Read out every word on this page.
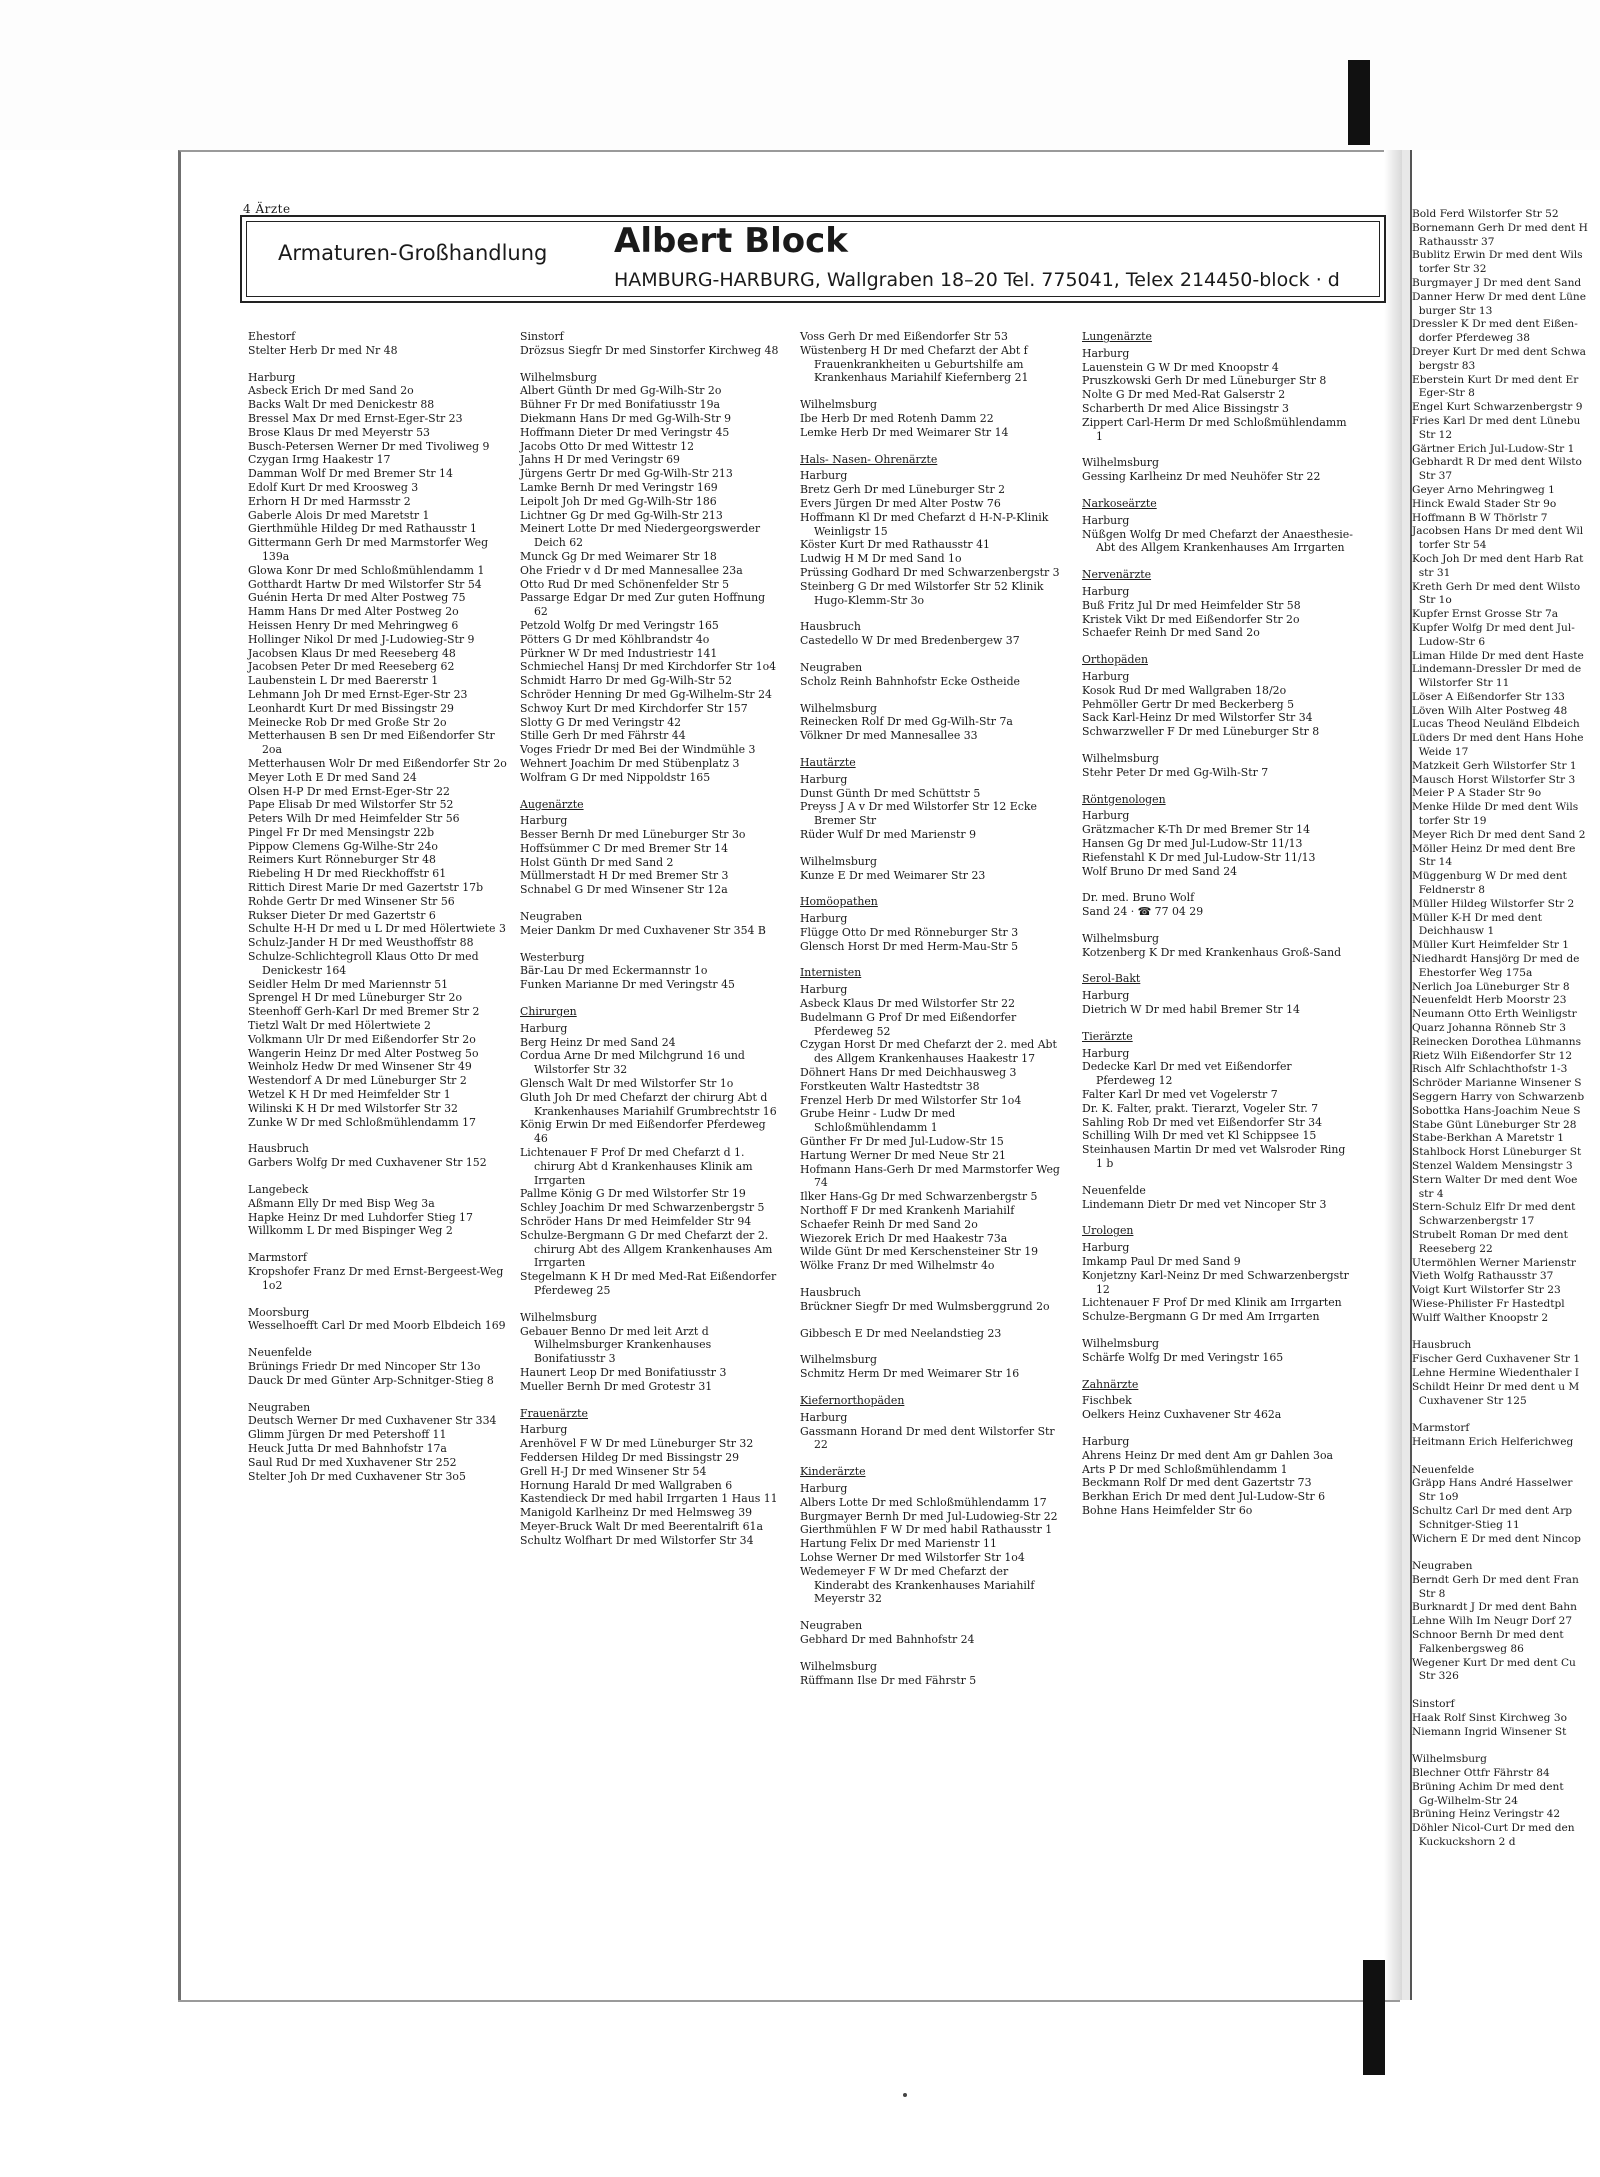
4 Ärzte
Armaturen-Großhandlung Albert Block
HAMBURG-HARBURG, Wallgraben 18–20 Tel. 775041, Telex 214450-block · d
Ehestorf
Stelter Herb Dr med Nr 48
Harburg
Asbeck Erich Dr med Sand 2o
Backs Walt Dr med Denickestr 88
Bressel Max Dr med Ernst-Eger-Str 23
Brose Klaus Dr med Meyerstr 53
Busch-Petersen Werner Dr med Tivoliweg 9
Czygan Irmg Haakestr 17
Damman Wolf Dr med Bremer Str 14
Edolf Kurt Dr med Kroosweg 3
Erhorn H Dr med Harmsstr 2
Gaberle Alois Dr med Maretstr 1
Gierthmühle Hildeg Dr med Rathausstr 1
Gittermann Gerh Dr med Marmstorfer Weg 139a
Glowa Konr Dr med Schloßmühlendamm 1
Gotthardt Hartw Dr med Wilstorfer Str 54
Guénin Herta Dr med Alter Postweg 75
Hamm Hans Dr med Alter Postweg 2o
Heissen Henry Dr med Mehringweg 6
Hollinger Nikol Dr med J-Ludowieg-Str 9
Jacobsen Klaus Dr med Reeseberg 48
Jacobsen Peter Dr med Reeseberg 62
Laubenstein L Dr med Baererstr 1
Lehmann Joh Dr med Ernst-Eger-Str 23
Leonhardt Kurt Dr med Bissingstr 29
Meinecke Rob Dr med Große Str 2o
Metterhausen B sen Dr med Eißendorfer Str 2oa
Metterhausen Wolr Dr med Eißendorfer Str 2o
Meyer Loth E Dr med Sand 24
Olsen H-P Dr med Ernst-Eger-Str 22
Pape Elisab Dr med Wilstorfer Str 52
Peters Wilh Dr med Heimfelder Str 56
Pingel Fr Dr med Mensingstr 22b
Pippow Clemens Gg-Wilhe-Str 24o
Reimers Kurt Rönneburger Str 48
Riebeling H Dr med Rieckhoffstr 61
Rittich Direst Marie Dr med Gazertstr 17b
Rohde Gertr Dr med Winsener Str 56
Rukser Dieter Dr med Gazertstr 6
Schulte H-H Dr med u L Dr med Hölertwiete 3
Schulz-Jander H Dr med Weusthoffstr 88
Schulze-Schlichtegroll Klaus Otto Dr med Denickestr 164
Seidler Helm Dr med Mariennstr 51
Sprengel H Dr med Lüneburger Str 2o
Steenhoff Gerh-Karl Dr med Bremer Str 2
Tietzl Walt Dr med Hölertwiete 2
Volkmann Ulr Dr med Eißendorfer Str 2o
Wangerin Heinz Dr med Alter Postweg 5o
Weinholz Hedw Dr med Winsener Str 49
Westendorf A Dr med Lüneburger Str 2
Wetzel K H Dr med Heimfelder Str 1
Wilinski K H Dr med Wilstorfer Str 32
Zunke W Dr med Schloßmühlendamm 17
Hausbruch
Garbers Wolfg Dr med Cuxhavener Str 152
Langebeck
Aßmann Elly Dr med Bisp Weg 3a
Hapke Heinz Dr med Luhdorfer Stieg 17
Willkomm L Dr med Bispinger Weg 2
Marmstorf
Kropshofer Franz Dr med Ernst-Bergeest-Weg 1o2
Moorsburg
Wesselhoefft Carl Dr med Moorb Elbdeich 169
Neuenfelde
Brünings Friedr Dr med Nincoper Str 13o
Dauck Dr med Günter Arp-Schnitger-Stieg 8
Neugraben
Deutsch Werner Dr med Cuxhavener Str 334
Glimm Jürgen Dr med Petershoff 11
Heuck Jutta Dr med Bahnhofstr 17a
Saul Rud Dr med Xuxhavener Str 252
Stelter Joh Dr med Cuxhavener Str 3o5
Sinstorf
Drözsus Siegfr Dr med Sinstorfer Kirchweg 48
Wilhelmsburg
Albert Günth Dr med Gg-Wilh-Str 2o
Bühner Fr Dr med Bonifatiusstr 19a
Diekmann Hans Dr med Gg-Wilh-Str 9
Hoffmann Dieter Dr med Veringstr 45
Jacobs Otto Dr med Wittestr 12
Jahns H Dr med Veringstr 69
Jürgens Gertr Dr med Gg-Wilh-Str 213
Lamke Bernh Dr med Veringstr 169
Leipolt Joh Dr med Gg-Wilh-Str 186
Lichtner Gg Dr med Gg-Wilh-Str 213
Meinert Lotte Dr med Niedergeorgswerder Deich 62
Munck Gg Dr med Weimarer Str 18
Ohe Friedr v d Dr med Mannesallee 23a
Otto Rud Dr med Schönenfelder Str 5
Passarge Edgar Dr med Zur guten Hoffnung 62
Petzold Wolfg Dr med Veringstr 165
Pötters G Dr med Köhlbrandstr 4o
Pürkner W Dr med Industriestr 141
Schmiechel Hansj Dr med Kirchdorfer Str 1o4
Schmidt Harro Dr med Gg-Wilh-Str 52
Schröder Henning Dr med Gg-Wilhelm-Str 24
Schwoy Kurt Dr med Kirchdorfer Str 157
Slotty G Dr med Veringstr 42
Stille Gerh Dr med Fährstr 44
Voges Friedr Dr med Bei der Windmühle 3
Wehnert Joachim Dr med Stübenplatz 3
Wolfram G Dr med Nippoldstr 165
Augenärzte
Harburg
Besser Bernh Dr med Lüneburger Str 3o
Hoffsümmer C Dr med Bremer Str 14
Holst Günth Dr med Sand 2
Müllmerstadt H Dr med Bremer Str 3
Schnabel G Dr med Winsener Str 12a
Neugraben
Meier Dankm Dr med Cuxhavener Str 354 B
Westerburg
Bär-Lau Dr med Eckermannstr 1o
Funken Marianne Dr med Veringstr 45
Chirurgen
Harburg
Berg Heinz Dr med Sand 24
Cordua Arne Dr med Milchgrund 16 und Wilstorfer Str 32
Glensch Walt Dr med Wilstorfer Str 1o
Gluth Joh Dr med Chefarzt der chirurg Abt d Krankenhauses Mariahilf Grumbrechtstr 16
König Erwin Dr med Eißendorfer Pferdeweg 46
Lichtenauer F Prof Dr med Chefarzt d 1. chirurg Abt d Krankenhauses Klinik am Irrgarten
Pallme König G Dr med Wilstorfer Str 19
Schley Joachim Dr med Schwarzenbergstr 5
Schröder Hans Dr med Heimfelder Str 94
Schulze-Bergmann G Dr med Chefarzt der 2. chirurg Abt des Allgem Krankenhauses Am Irrgarten
Stegelmann K H Dr med Med-Rat Eißendorfer Pferdeweg 25
Wilhelmsburg
Gebauer Benno Dr med leit Arzt d Wilhelmsburger Krankenhauses Bonifatiusstr 3
Haunert Leop Dr med Bonifatiusstr 3
Mueller Bernh Dr med Grotestr 31
Frauenärzte
Harburg
Arenhövel F W Dr med Lüneburger Str 32
Feddersen Hildeg Dr med Bissingstr 29
Grell H-J Dr med Winsener Str 54
Hornung Harald Dr med Wallgraben 6
Kastendieck Dr med habil Irrgarten 1 Haus 11
Manigold Karlheinz Dr med Helmsweg 39
Meyer-Bruck Walt Dr med Beerentalrift 61a
Schultz Wolfhart Dr med Wilstorfer Str 34
Voss Gerh Dr med Eißendorfer Str 53
Wüstenberg H Dr med Chefarzt der Abt f Frauenkrankheiten u Geburtshilfe am Krankenhaus Mariahilf Kiefernberg 21
Wilhelmsburg
Ibe Herb Dr med Rotenh Damm 22
Lemke Herb Dr med Weimarer Str 14
Hals- Nasen- Ohrenärzte
Harburg
Bretz Gerh Dr med Lüneburger Str 2
Evers Jürgen Dr med Alter Postw 76
Hoffmann Kl Dr med Chefarzt d H-N-P-Klinik Weinligstr 15
Köster Kurt Dr med Rathausstr 41
Ludwig H M Dr med Sand 1o
Prüssing Godhard Dr med Schwarzenbergstr 3
Steinberg G Dr med Wilstorfer Str 52 Klinik Hugo-Klemm-Str 3o
Hausbruch
Castedello W Dr med Bredenbergew 37
Neugraben
Scholz Reinh Bahnhofstr Ecke Ostheide
Wilhelmsburg
Reinecken Rolf Dr med Gg-Wilh-Str 7a
Völkner Dr med Mannesallee 33
Hautärzte
Harburg
Dunst Günth Dr med Schüttstr 5
Preyss J A v Dr med Wilstorfer Str 12 Ecke Bremer Str
Rüder Wulf Dr med Marienstr 9
Wilhelmsburg
Kunze E Dr med Weimarer Str 23
Homöopathen
Harburg
Flügge Otto Dr med Rönneburger Str 3
Glensch Horst Dr med Herm-Mau-Str 5
Internisten
Harburg
Asbeck Klaus Dr med Wilstorfer Str 22
Budelmann G Prof Dr med Eißendorfer Pferdeweg 52
Czygan Horst Dr med Chefarzt der 2. med Abt des Allgem Krankenhauses Haakestr 17
Döhnert Hans Dr med Deichhausweg 3
Forstkeuten Waltr Hastedtstr 38
Frenzel Herb Dr med Wilstorfer Str 1o4
Grube Heinr - Ludw Dr med Schloßmühlendamm 1
Günther Fr Dr med Jul-Ludow-Str 15
Hartung Werner Dr med Neue Str 21
Hofmann Hans-Gerh Dr med Marmstorfer Weg 74
Ilker Hans-Gg Dr med Schwarzenbergstr 5
Northoff F Dr med Krankenh Mariahilf
Schaefer Reinh Dr med Sand 2o
Wiezorek Erich Dr med Haakestr 73a
Wilde Günt Dr med Kerschensteiner Str 19
Wölke Franz Dr med Wilhelmstr 4o
Hausbruch
Brückner Siegfr Dr med Wulmsberggrund 2o
Gibbesch E Dr med Neelandstieg 23
Wilhelmsburg
Schmitz Herm Dr med Weimarer Str 16
Kiefernorthopäden
Harburg
Gassmann Horand Dr med dent Wilstorfer Str 22
Kinderärzte
Harburg
Albers Lotte Dr med Schloßmühlendamm 17
Burgmayer Bernh Dr med Jul-Ludowieg-Str 22
Gierthmühlen F W Dr med habil Rathausstr 1
Hartung Felix Dr med Marienstr 11
Lohse Werner Dr med Wilstorfer Str 1o4
Wedemeyer F W Dr med Chefarzt der Kinderabt des Krankenhauses Mariahilf Meyerstr 32
Neugraben
Gebhard Dr med Bahnhofstr 24
Wilhelmsburg
Rüffmann Ilse Dr med Fährstr 5
Lungenärzte
Harburg
Lauenstein G W Dr med Knoopstr 4
Pruszkowski Gerh Dr med Lüneburger Str 8
Nolte G Dr med Med-Rat Galserstr 2
Scharberth Dr med Alice Bissingstr 3
Zippert Carl-Herm Dr med Schloßmühlendamm 1
Wilhelmsburg
Gessing Karlheinz Dr med Neuhöfer Str 22
Narkoseärzte
Harburg
Nüßgen Wolfg Dr med Chefarzt der Anaesthesie-Abt des Allgem Krankenhauses Am Irrgarten
Nervenärzte
Harburg
Buß Fritz Jul Dr med Heimfelder Str 58
Kristek Vikt Dr med Eißendorfer Str 2o
Schaefer Reinh Dr med Sand 2o
Orthopäden
Harburg
Kosok Rud Dr med Wallgraben 18/2o
Pehmöller Gertr Dr med Beckerberg 5
Sack Karl-Heinz Dr med Wilstorfer Str 34
Schwarzweller F Dr med Lüneburger Str 8
Wilhelmsburg
Stehr Peter Dr med Gg-Wilh-Str 7
Röntgenologen
Harburg
Grätzmacher K-Th Dr med Bremer Str 14
Hansen Gg Dr med Jul-Ludow-Str 11/13
Riefenstahl K Dr med Jul-Ludow-Str 11/13
Wolf Bruno Dr med Sand 24
Dr. med. Bruno Wolf
Sand 24 · ☎ 77 04 29
Wilhelmsburg
Kotzenberg K Dr med Krankenhaus Groß-Sand
Serol-Bakt
Harburg
Dietrich W Dr med habil Bremer Str 14
Tierärzte
Harburg
Dedecke Karl Dr med vet Eißendorfer Pferdeweg 12
Falter Karl Dr med vet Vogelerstr 7
Dr. K. Falter, prakt. Tierarzt, Vogeler Str. 7
Sahling Rob Dr med vet Eißendorfer Str 34
Schilling Wilh Dr med vet Kl Schippsee 15
Steinhausen Martin Dr med vet Walsroder Ring 1 b
Neuenfelde
Lindemann Dietr Dr med vet Nincoper Str 3
Urologen
Harburg
Imkamp Paul Dr med Sand 9
Konjetzny Karl-Neinz Dr med Schwarzenbergstr 12
Lichtenauer F Prof Dr med Klinik am Irrgarten
Schulze-Bergmann G Dr med Am Irrgarten
Wilhelmsburg
Schärfe Wolfg Dr med Veringstr 165
Zahnärzte
Fischbek
Oelkers Heinz Cuxhavener Str 462a
Harburg
Ahrens Heinz Dr med dent Am gr Dahlen 3oa
Arts P Dr med Schloßmühlendamm 1
Beckmann Rolf Dr med dent Gazertstr 73
Berkhan Erich Dr med dent Jul-Ludow-Str 6
Bohne Hans Heimfelder Str 6o
Bold Ferd Wilstorfer Str 52
Bornemann Gerh Dr med dent H
Rathausstr 37
Bublitz Erwin Dr med dent Wils
torfer Str 32
Burgmayer J Dr med dent Sand
Danner Herw Dr med dent Lüne
burger Str 13
Dressler K Dr med dent Eißen-
dorfer Pferdeweg 38
Dreyer Kurt Dr med dent Schwa
bergstr 83
Eberstein Kurt Dr med dent Er
Eger-Str 8
Engel Kurt Schwarzenbergstr 9
Fries Karl Dr med dent Lünebu
Str 12
Gärtner Erich Jul-Ludow-Str 1
Gebhardt R Dr med dent Wilsto
Str 37
Geyer Arno Mehringweg 1
Hinck Ewald Stader Str 9o
Hoffmann B W Thörlstr 7
Jacobsen Hans Dr med dent Wil
torfer Str 54
Koch Joh Dr med dent Harb Rat
str 31
Kreth Gerh Dr med dent Wilsto
Str 1o
Kupfer Ernst Grosse Str 7a
Kupfer Wolfg Dr med dent Jul-
Ludow-Str 6
Liman Hilde Dr med dent Haste
Lindemann-Dressler Dr med de
Wilstorfer Str 11
Löser A Eißendorfer Str 133
Löven Wilh Alter Postweg 48
Lucas Theod Neuländ Elbdeich
Lüders Dr med dent Hans Hohe
Weide 17
Matzkeit Gerh Wilstorfer Str 1
Mausch Horst Wilstorfer Str 3
Meier P A Stader Str 9o
Menke Hilde Dr med dent Wils
torfer Str 19
Meyer Rich Dr med dent Sand 2
Möller Heinz Dr med dent Bre
Str 14
Müggenburg W Dr med dent
Feldnerstr 8
Müller Hildeg Wilstorfer Str 2
Müller K-H Dr med dent
Deichhausw 1
Müller Kurt Heimfelder Str 1
Niedhardt Hansjörg Dr med de
Ehestorfer Weg 175a
Nerlich Joa Lüneburger Str 8
Neuenfeldt Herb Moorstr 23
Neumann Otto Erth Weinligstr
Quarz Johanna Rönneb Str 3
Reinecken Dorothea Lühmanns
Rietz Wilh Eißendorfer Str 12
Risch Alfr Schlachthofstr 1-3
Schröder Marianne Winsener S
Seggern Harry von Schwarzenb
Sobottka Hans-Joachim Neue S
Stabe Günt Lüneburger Str 28
Stabe-Berkhan A Maretstr 1
Stahlbock Horst Lüneburger St
Stenzel Waldem Mensingstr 3
Stern Walter Dr med dent Woe
str 4
Stern-Schulz Elfr Dr med dent
Schwarzenbergstr 17
Strubelt Roman Dr med dent
Reeseberg 22
Utermöhlen Werner Marienstr
Vieth Wolfg Rathausstr 37
Voigt Kurt Wilstorfer Str 23
Wiese-Philister Fr Hastedtpl
Wulff Walther Knoopstr 2
Hausbruch
Fischer Gerd Cuxhavener Str 1
Lehne Hermine Wiedenthaler I
Schildt Heinr Dr med dent u M
Cuxhavener Str 125
Marmstorf
Heitmann Erich Helferichweg
Neuenfelde
Gräpp Hans André Hasselwer
Str 1o9
Schultz Carl Dr med dent Arp
Schnitger-Stieg 11
Wichern E Dr med dent Nincop
Neugraben
Berndt Gerh Dr med dent Fran
Str 8
Burknardt J Dr med dent Bahn
Lehne Wilh Im Neugr Dorf 27
Schnoor Bernh Dr med dent
Falkenbergsweg 86
Wegener Kurt Dr med dent Cu
Str 326
Sinstorf
Haak Rolf Sinst Kirchweg 3o
Niemann Ingrid Winsener St
Wilhelmsburg
Blechner Ottfr Fährstr 84
Brüning Achim Dr med dent
Gg-Wilhelm-Str 24
Brüning Heinz Veringstr 42
Döhler Nicol-Curt Dr med den
Kuckuckshorn 2 d
